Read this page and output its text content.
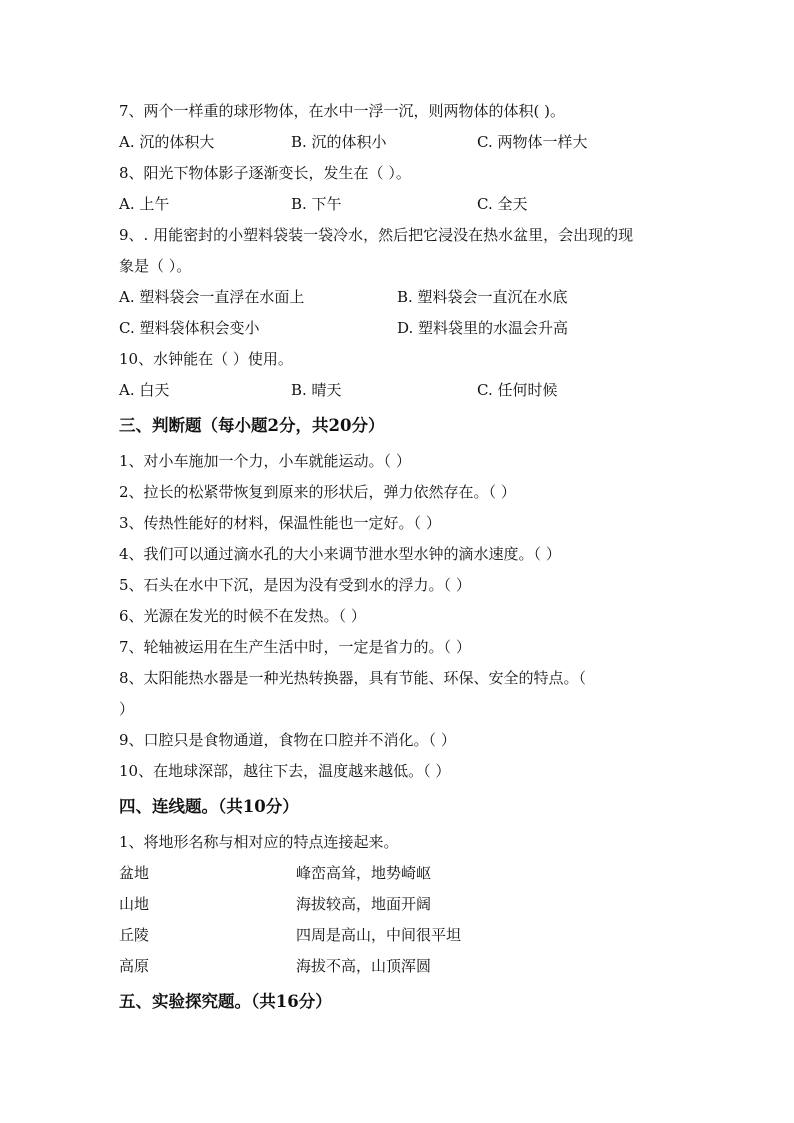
7、两个一样重的球形物体，在水中一浮一沉，则两物体的体积( )。
A. 沉的体积大	B. 沉的体积小	C. 两物体一样大
8、阳光下物体影子逐渐变长，发生在（ ）。
A. 上午	B. 下午	C. 全天
9、. 用能密封的小塑料袋装一袋冷水，然后把它浸没在热水盆里，会出现的现
象是（ ）。
A. 塑料袋会一直浮在水面上	B. 塑料袋会一直沉在水底
C. 塑料袋体积会变小	D. 塑料袋里的水温会升高
10、水钟能在（ ）使用。
A. 白天	B. 晴天	C. 任何时候
三、判断题（每小题2分，共20分）
1、对小车施加一个力，小车就能运动。（ ）
2、拉长的松紧带恢复到原来的形状后，弹力依然存在。（ ）
3、传热性能好的材料，保温性能也一定好。（ ）
4、我们可以通过滴水孔的大小来调节泄水型水钟的滴水速度。（ ）
5、石头在水中下沉，是因为没有受到水的浮力。（ ）
6、光源在发光的时候不在发热。（ ）
7、轮轴被运用在生产生活中时，一定是省力的。（ ）
8、太阳能热水器是一种光热转换器，具有节能、环保、安全的特点。（
）
9、口腔只是食物通道，食物在口腔并不消化。（ ）
10、在地球深部，越往下去，温度越来越低。（ ）
四、连线题。（共10分）
1、将地形名称与相对应的特点连接起来。
盆地	峰峦高耸，地势崎岖
山地	海拔较高，地面开阔
丘陵	四周是高山，中间很平坦
高原	海拔不高，山顶浑圆
五、实验探究题。（共16分）
